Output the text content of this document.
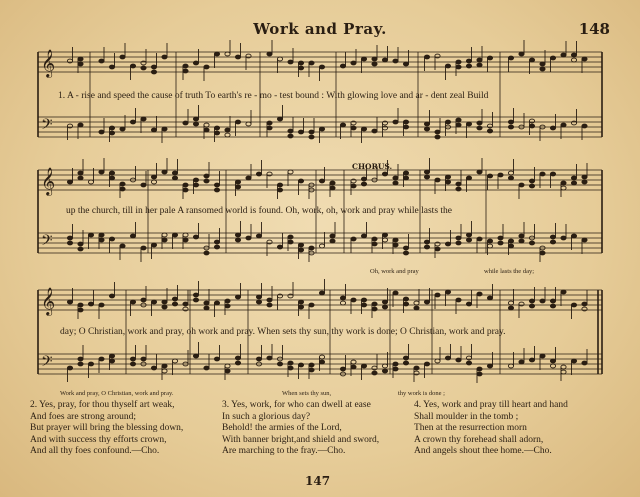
Work and Pray.	148
𝄞
𝄢
𝄞
𝄢
𝄞
𝄢
1. A - rise and speed the cause of truth To earth's re - mo - test bound : With glowing love and ar - dent zeal Build
CHORUS.
up the church, till in her pale A ransomed world is found. Oh, work, oh, work and pray while lasts the
Oh, work and pray	while lasts the day;
day; O Christian, work and pray, oh work and pray. When sets thy sun, thy work is done; O Christian, work and pray.
Work and pray, O Christian, work and pray.	When sets thy sun,	thy work is done ;
2. Yes, pray, for thou thyself art weak,
And foes are strong around;
But prayer will bring the blessing down,
And with success thy efforts crown,
And all thy foes confound.—Cho.
3. Yes, work, for who can dwell at ease
In such a glorious day?
Behold! the armies of the Lord,
With banner bright,and shield and sword,
Are marching to the fray.—Cho.
4. Yes, work and pray till heart and hand
Shall moulder in the tomb ;
Then at the resurrection morn
A crown thy forehead shall adorn,
And angels shout thee home.—Cho.
147
